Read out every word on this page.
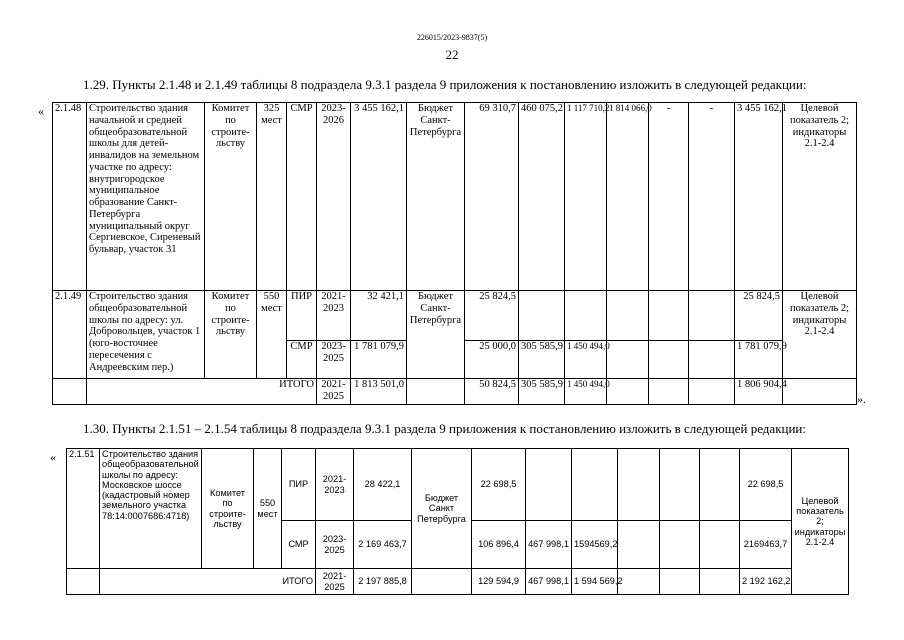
226015/2023-9837(5)
22
1.29. Пункты 2.1.48 и 2.1.49 таблицы 8 подраздела 9.3.1 раздела 9 приложения к постановлению изложить в следующей редакции:
« 2.1.48	Строительство здания начальной и средней общеобразовательной школы для детей-инвалидов на земельном участке по адресу: внутригородское муниципальное образование Санкт-Петербурга муниципальный округ Сергиевское, Сиреневый бульвар, участок 31	Комитет по строите-льству	325 мест	СМР	2023-2026	3 455 162,1	Бюджет Санкт-Петербурга	69 310,7	460 075,2	1 117 710,2	1 814 066,0	-	-	3 455 162,1	Целевой показатель 2; индикаторы 2.1-2.4
2.1.49	Строительство здания общеобразовательной школы по адресу: ул. Добровольцев, участок 1 (юго-восточнее пересечения с Андреевским пер.)	Комитет по строите-льству	550 мест	ПИР	2021-2023	32 421,1	Бюджет Санкт-Петербурга	25 824,5						25 824,5	Целевой показатель 2; индикаторы 2.1-2.4
				СМР	2023-2025	1 781 079,9		25 000,0	305 585,9	1 450 494,0				1 781 079,9	
	ИТОГО				2021-2025	1 813 501,0		50 824,5	305 585,9	1 450 494,0				1 806 904,4	
».
1.30. Пункты 2.1.51 – 2.1.54 таблицы 8 подраздела 9.3.1 раздела 9 приложения к постановлению изложить в следующей редакции:
« 2.1.51	Строительство здания общеобразовательной школы по адресу: Московское шоссе (кадастровый номер земельного участка 78:14:0007686:4718)	Комитет по строите-льству	550 мест	ПИР	2021-2023	28 422,1	Бюджет Санкт Петербурга	22 698,5						22 698,5	Целевой показатель 2; индикаторы 2.1-2.4
				СМР	2023-2025	2 169 463,7		106 896,4	467 998,1	1594569,2				2169463,7	
	ИТОГО				2021-2025	2 197 885,8		129 594,9	467 998,1	1 594 569,2				2 192 162,2	
